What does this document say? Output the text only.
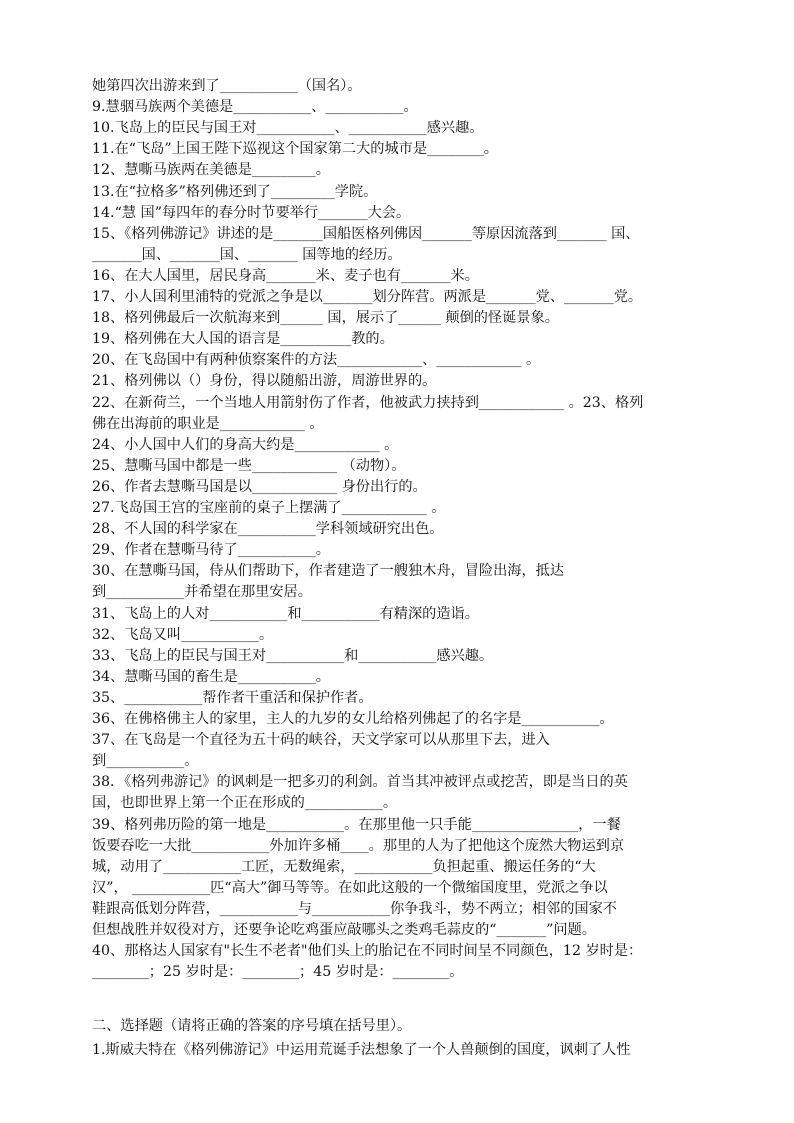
她第四次出游来到了___________（国名）。
9.慧骃马族两个美德是___________、___________。
10.飞岛上的臣民与国王对___________、___________感兴趣。
11.在“飞岛”上国王陛下巡视这个国家第二大的城市是________。
12、慧嘶马族两在美德是_________。
13.在“拉格多”格列佛还到了_________学院。
14.“慧 国”每四年的春分时节要举行_______大会。
15、《格列佛游记》讲述的是_______国船医格列佛因_______等原因流落到_______ 国、
_______国、_______国、_______ 国等地的经历。
16、在大人国里，居民身高_______米、麦子也有_______米。
17、小人国利里浦特的党派之争是以_______划分阵营。两派是_______党、_______党。
18、格列佛最后一次航海来到______ 国，展示了______ 颠倒的怪诞景象。
19、格列佛在大人国的语言是__________教的。
20、在飞岛国中有两种侦察案件的方法____________、____________ 。
21、格列佛以（）身份，得以随船出游，周游世界的。
22、在新荷兰，一个当地人用箭射伤了作者，他被武力挟持到____________ 。23、格列
佛在出海前的职业是____________ 。
24、小人国中人们的身高大约是____________ 。
25、慧嘶马国中都是一些____________ （动物）。
26、作者去慧嘶马国是以____________ 身份出行的。
27.飞岛国王宫的宝座前的桌子上摆满了____________ 。
28、不人国的科学家在___________学科领域研究出色。
29、作者在慧嘶马待了___________。
30、在慧嘶马国，侍从们帮助下，作者建造了一艘独木舟，冒险出海，抵达
到___________并希望在那里安居。
31、飞岛上的人对___________和___________有精深的造诣。
32、飞岛又叫___________。
33、飞岛上的臣民与国王对___________和___________感兴趣。
34、慧嘶马国的畜生是___________。
35、___________帮作者干重活和保护作者。
36、在佛格佛主人的家里，主人的九岁的女儿给格列佛起了的名字是___________。
37、在飞岛是一个直径为五十码的峡谷，天文学家可以从那里下去，进入
到___________。
38．《格列弗游记》的讽刺是一把多刃的利剑。首当其冲被评点或挖苦，即是当日的英
国，也即世界上第一个正在形成的___________。
39、格列弗历险的第一地是___________。在那里他一只手能_______________，一餐
饭要吞吃一大批___________外加许多桶____。那里的人为了把他这个庞然大物运到京
城，动用了___________工匠，无数绳索，___________负担起重、搬运任务的“大
汉”， ___________匹“高大”御马等等。在如此这般的一个微缩国度里，党派之争以
鞋跟高低划分阵营，___________与___________你争我斗，势不两立；相邻的国家不
但想战胜并奴役对方，还要争论吃鸡蛋应敲哪头之类鸡毛蒜皮的“_______”问题。
40、那格达人国家有"长生不老者"他们头上的胎记在不同时间呈不同颜色，12 岁时是：
________；25 岁时是：________；45 岁时是：________。
二、选择题（请将正确的答案的序号填在括号里）。
1.斯威夫特在《格列佛游记》中运用荒诞手法想象了一个人兽颠倒的国度，讽刺了人性
